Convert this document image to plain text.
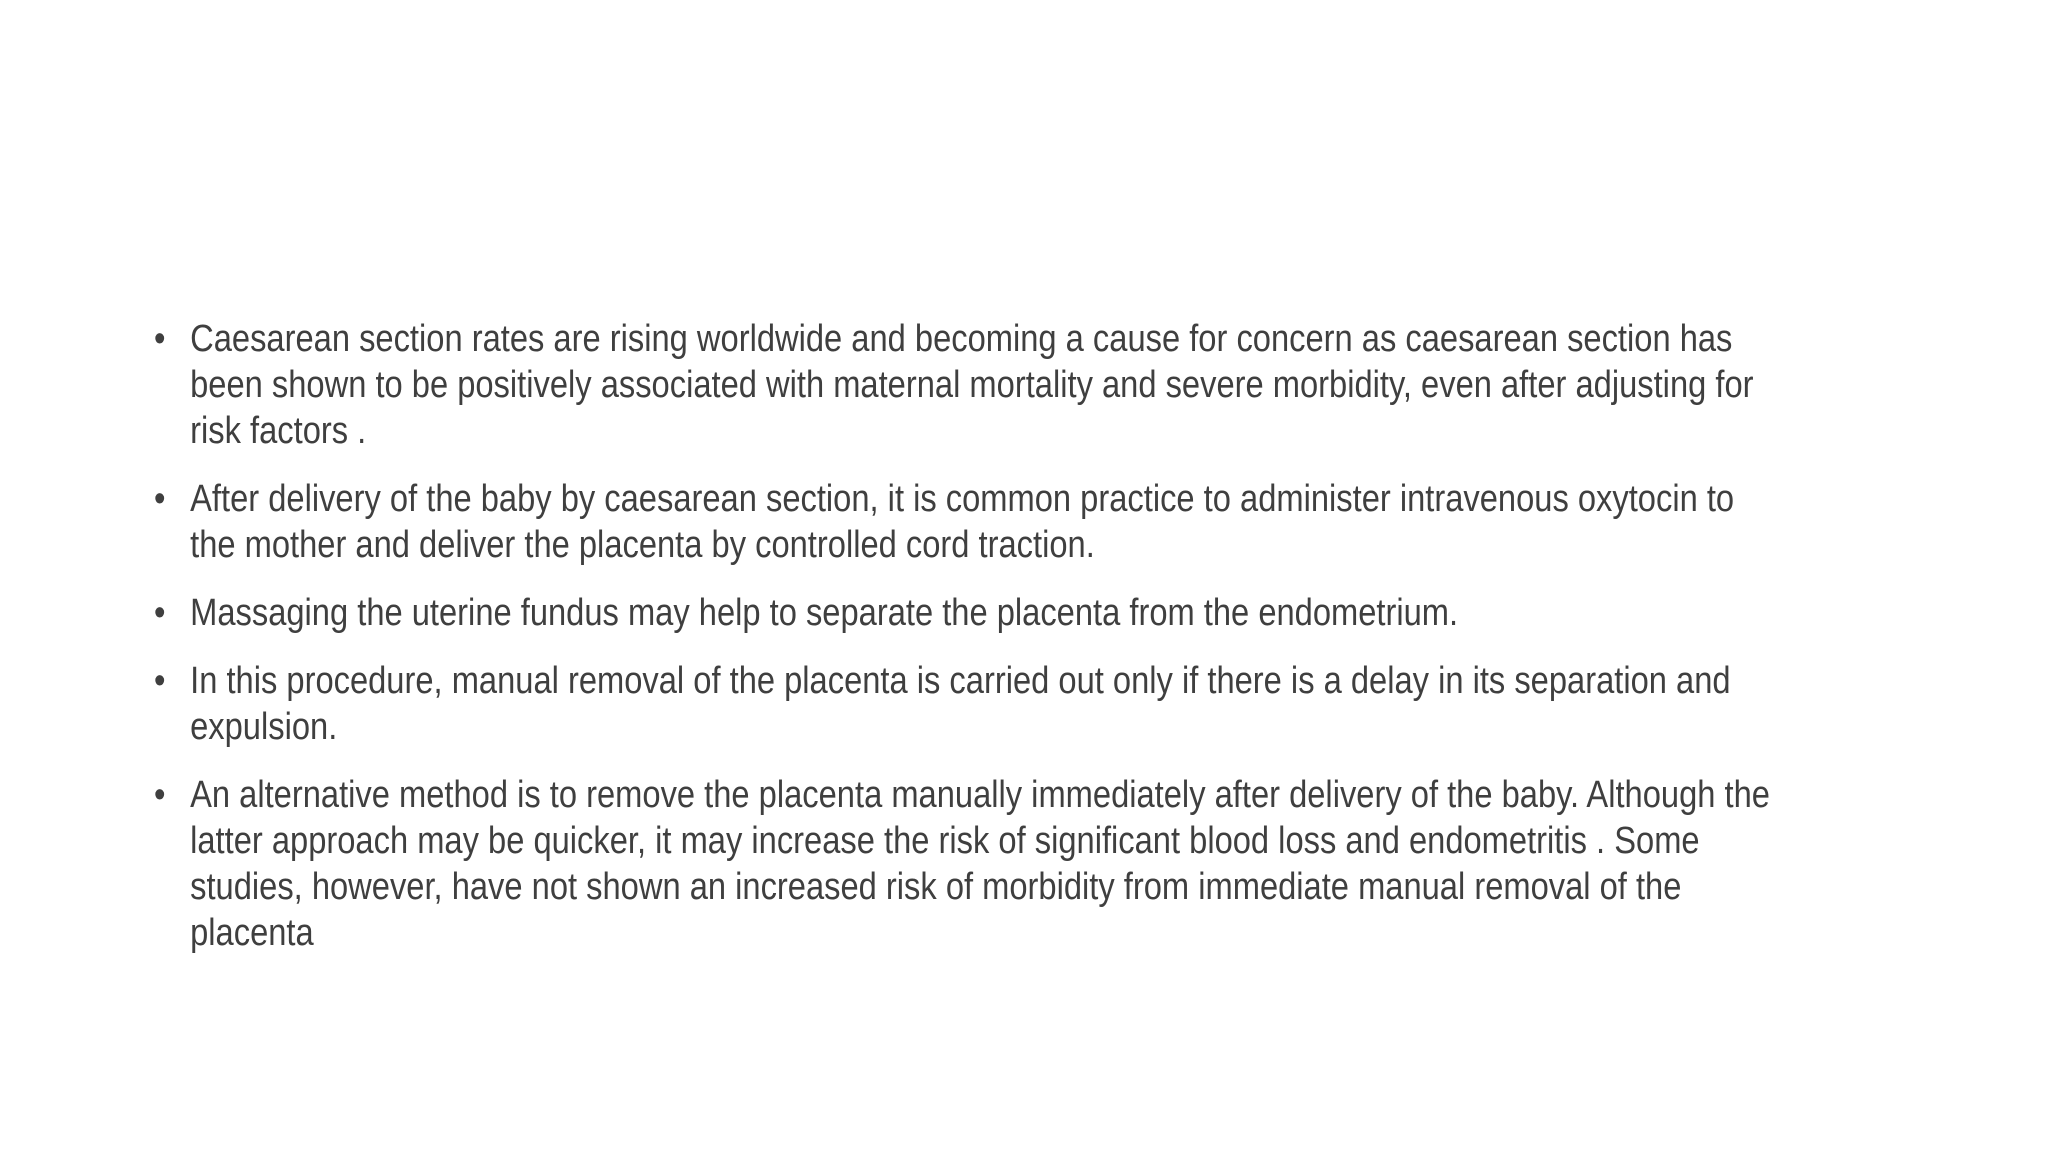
• Caesarean section rates are rising worldwide and becoming a cause for concern as caesarean section has
been shown to be positively associated with maternal mortality and severe morbidity, even after adjusting for
risk factors .
• After delivery of the baby by caesarean section, it is common practice to administer intravenous oxytocin to
the mother and deliver the placenta by controlled cord traction.
• Massaging the uterine fundus may help to separate the placenta from the endometrium.
• In this procedure, manual removal of the placenta is carried out only if there is a delay in its separation and
expulsion.
• An alternative method is to remove the placenta manually immediately after delivery of the baby. Although the
latter approach may be quicker, it may increase the risk of significant blood loss and endometritis . Some
studies, however, have not shown an increased risk of morbidity from immediate manual removal of the
placenta
